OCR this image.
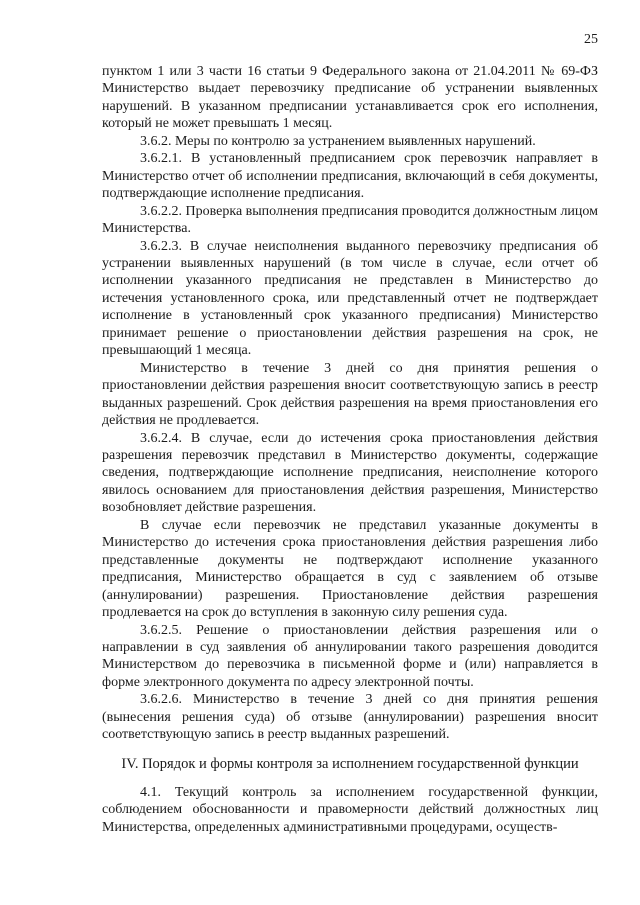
25

пунктом 1 или 3 части 16 статьи 9 Федерального закона от 21.04.2011 № 69-ФЗ Министерство выдает перевозчику предписание об устранении выявленных нарушений. В указанном предписании устанавливается срок его исполнения, который не может превышать 1 месяц.

3.6.2. Меры по контролю за устранением выявленных нарушений.

3.6.2.1. В установленный предписанием срок перевозчик направляет в Министерство отчет об исполнении предписания, включающий в себя документы, подтверждающие исполнение предписания.

3.6.2.2. Проверка выполнения предписания проводится должностным лицом Министерства.

3.6.2.3. В случае неисполнения выданного перевозчику предписания об устранении выявленных нарушений (в том числе в случае, если отчет об исполнении указанного предписания не представлен в Министерство до истечения установленного срока, или представленный отчет не подтверждает исполнение в установленный срок указанного предписания) Министерство принимает решение о приостановлении действия разрешения на срок, не превышающий 1 месяца.

Министерство в течение 3 дней со дня принятия решения о приостановлении действия разрешения вносит соответствующую запись в реестр выданных разрешений. Срок действия разрешения на время приостановления его действия не продлевается.

3.6.2.4. В случае, если до истечения срока приостановления действия разрешения перевозчик представил в Министерство документы, содержащие сведения, подтверждающие исполнение предписания, неисполнение которого явилось основанием для приостановления действия разрешения, Министерство возобновляет действие разрешения.

В случае если перевозчик не представил указанные документы в Министерство до истечения срока приостановления действия разрешения либо представленные документы не подтверждают исполнение указанного предписания, Министерство обращается в суд с заявлением об отзыве (аннулировании) разрешения. Приостановление действия разрешения продлевается на срок до вступления в законную силу решения суда.

3.6.2.5. Решение о приостановлении действия разрешения или о направлении в суд заявления об аннулировании такого разрешения доводится Министерством до перевозчика в письменной форме и (или) направляется в форме электронного документа по адресу электронной почты.

3.6.2.6. Министерство в течение 3 дней со дня принятия решения (вынесения решения суда) об отзыве (аннулировании) разрешения вносит соответствующую запись в реестр выданных разрешений.

IV. Порядок и формы контроля за исполнением государственной функции

4.1. Текущий контроль за исполнением государственной функции, соблюдением обоснованности и правомерности действий должностных лиц Министерства, определенных административными процедурами, осуществ-
